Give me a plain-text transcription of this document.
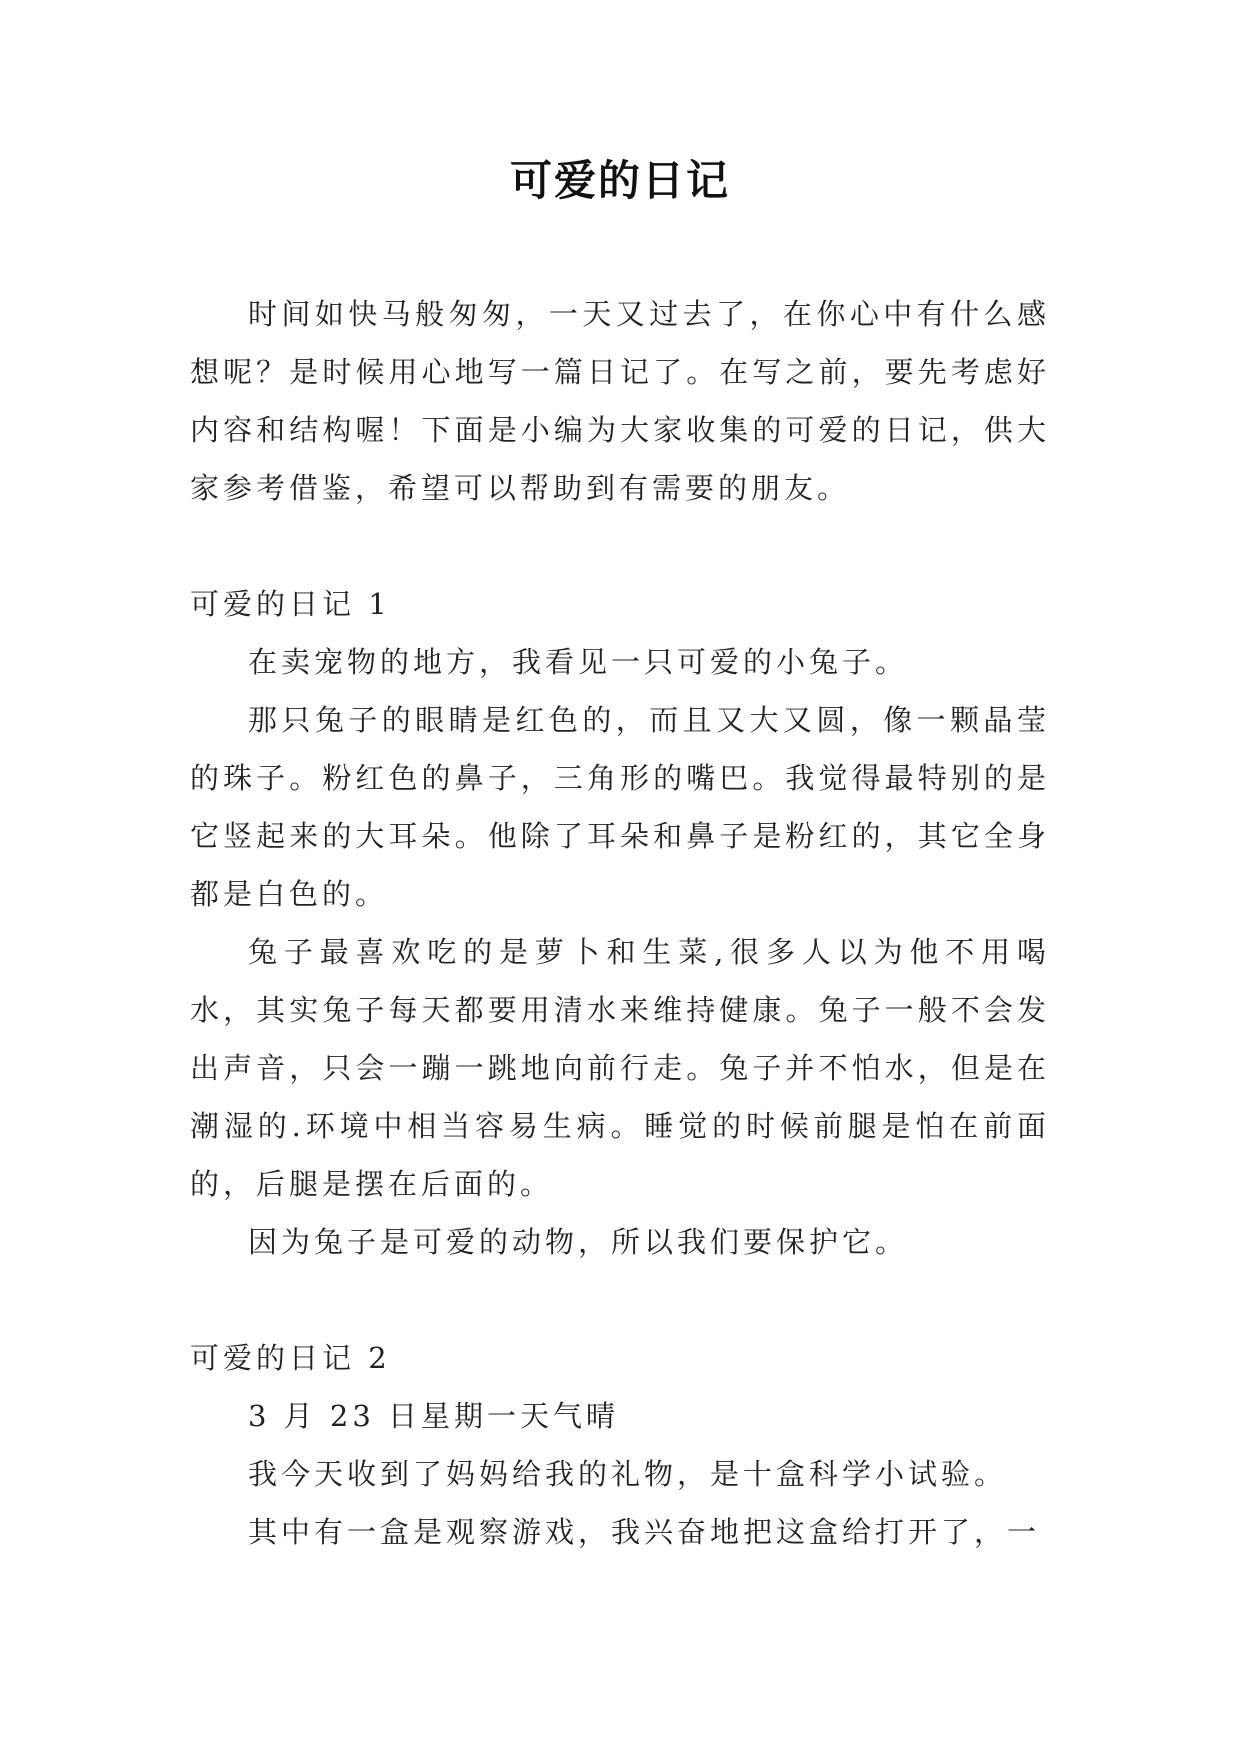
可爱的日记

时间如快马般匆匆，一天又过去了，在你心中有什么感想呢？是时候用心地写一篇日记了。在写之前，要先考虑好内容和结构喔！下面是小编为大家收集的可爱的日记，供大家参考借鉴，希望可以帮助到有需要的朋友。

可爱的日记 1

在卖宠物的地方，我看见一只可爱的小兔子。

那只兔子的眼睛是红色的，而且又大又圆，像一颗晶莹的珠子。粉红色的鼻子，三角形的嘴巴。我觉得最特别的是它竖起来的大耳朵。他除了耳朵和鼻子是粉红的，其它全身都是白色的。

兔子最喜欢吃的是萝卜和生菜,很多人以为他不用喝水，其实兔子每天都要用清水来维持健康。兔子一般不会发出声音，只会一蹦一跳地向前行走。兔子并不怕水，但是在潮湿的.环境中相当容易生病。睡觉的时候前腿是怕在前面的，后腿是摆在后面的。

因为兔子是可爱的动物，所以我们要保护它。

可爱的日记 2

3 月 23 日星期一天气晴

我今天收到了妈妈给我的礼物，是十盒科学小试验。

其中有一盒是观察游戏，我兴奋地把这盒给打开了，一
